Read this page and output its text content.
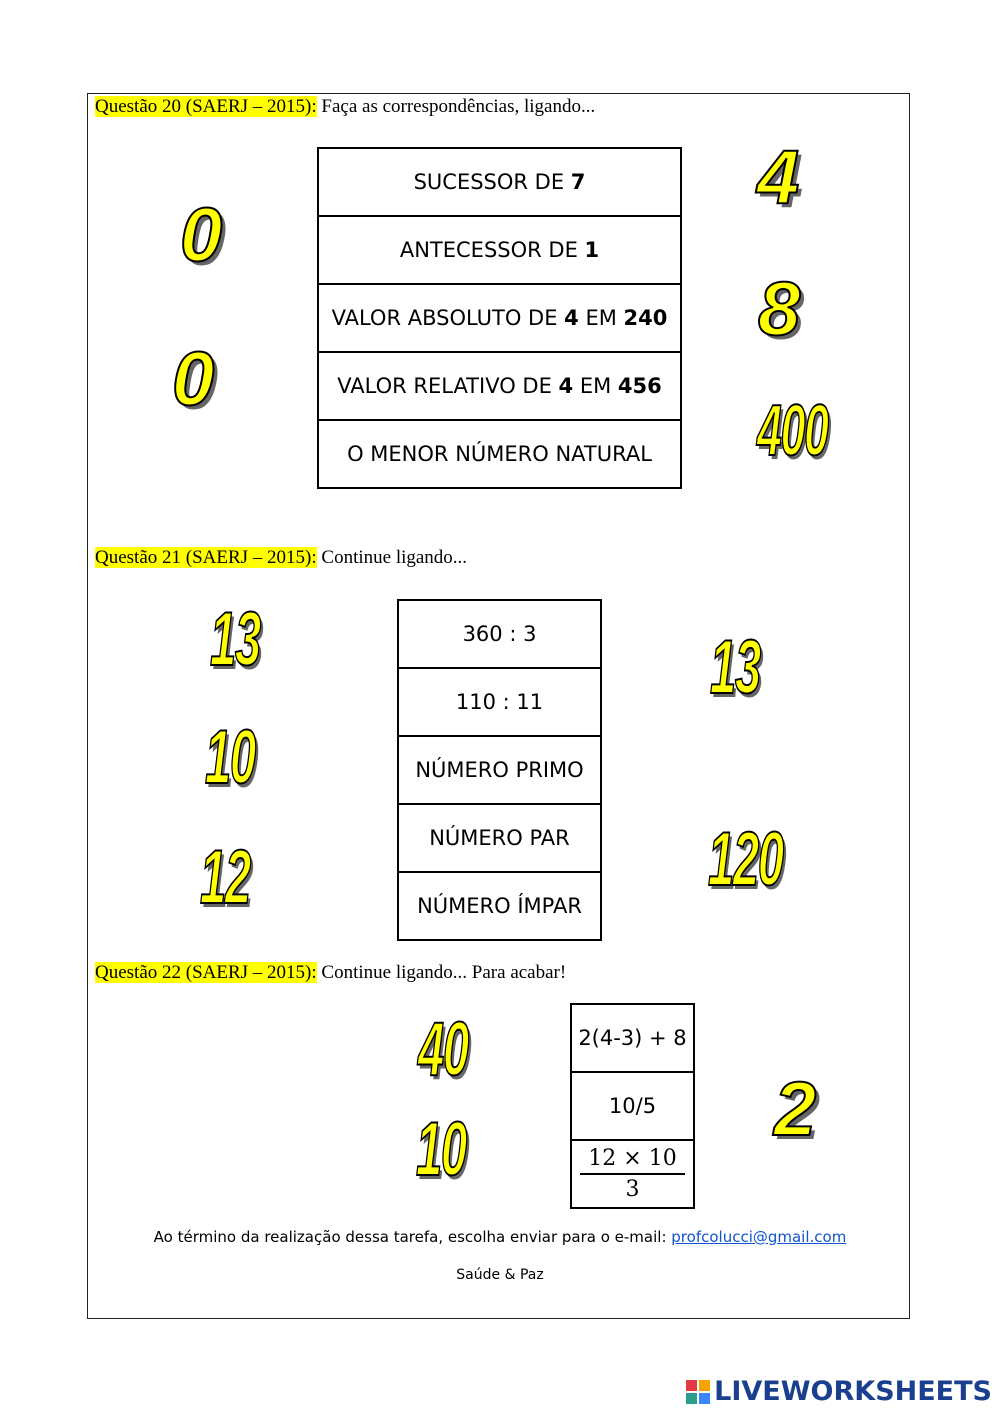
Questão 20 (SAERJ – 2015): Faça as correspondências, ligando...
SUCESSOR DE 7
ANTECESSOR DE 1
VALOR ABSOLUTO DE 4 EM 240
VALOR RELATIVO DE 4 EM 456
O MENOR NÚMERO NATURAL
0
0
4
8
400
Questão 21 (SAERJ – 2015): Continue ligando...
360 : 3
110 : 11
NÚMERO PRIMO
NÚMERO PAR
NÚMERO ÍMPAR
13
10
12
13
120
Questão 22 (SAERJ – 2015): Continue ligando... Para acabar!
2(4-3) + 8
10/5

$\frac{12 \times 10}{3}$
40
10	2
Ao término da realização dessa tarefa, escolha enviar para o e-mail: profcolucci@gmail.com
Saúde & Paz
LIVEWORKSHEETS
